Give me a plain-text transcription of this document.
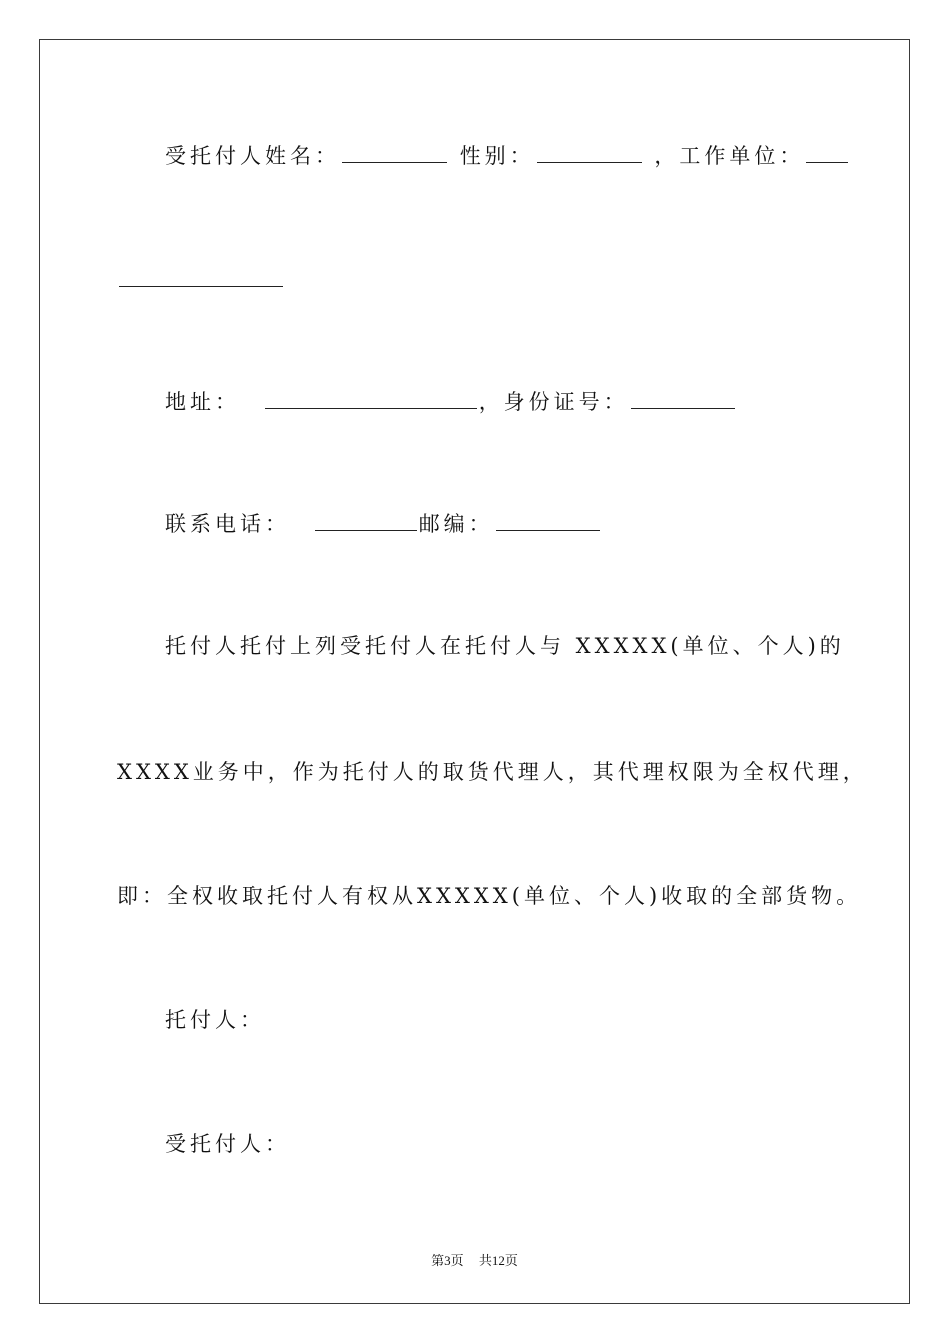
受托付人姓名：	性别：	，工作单位：
地址：	，身份证号：
联系电话：	邮编：
托付人托付上列受托付人在托付人与 XXXXX(单位、个人)的
XXXX业务中，作为托付人的取货代理人，其代理权限为全权代理，
即：全权收取托付人有权从XXXXX(单位、个人)收取的全部货物。
托付人：
受托付人：
第3页 共12页
